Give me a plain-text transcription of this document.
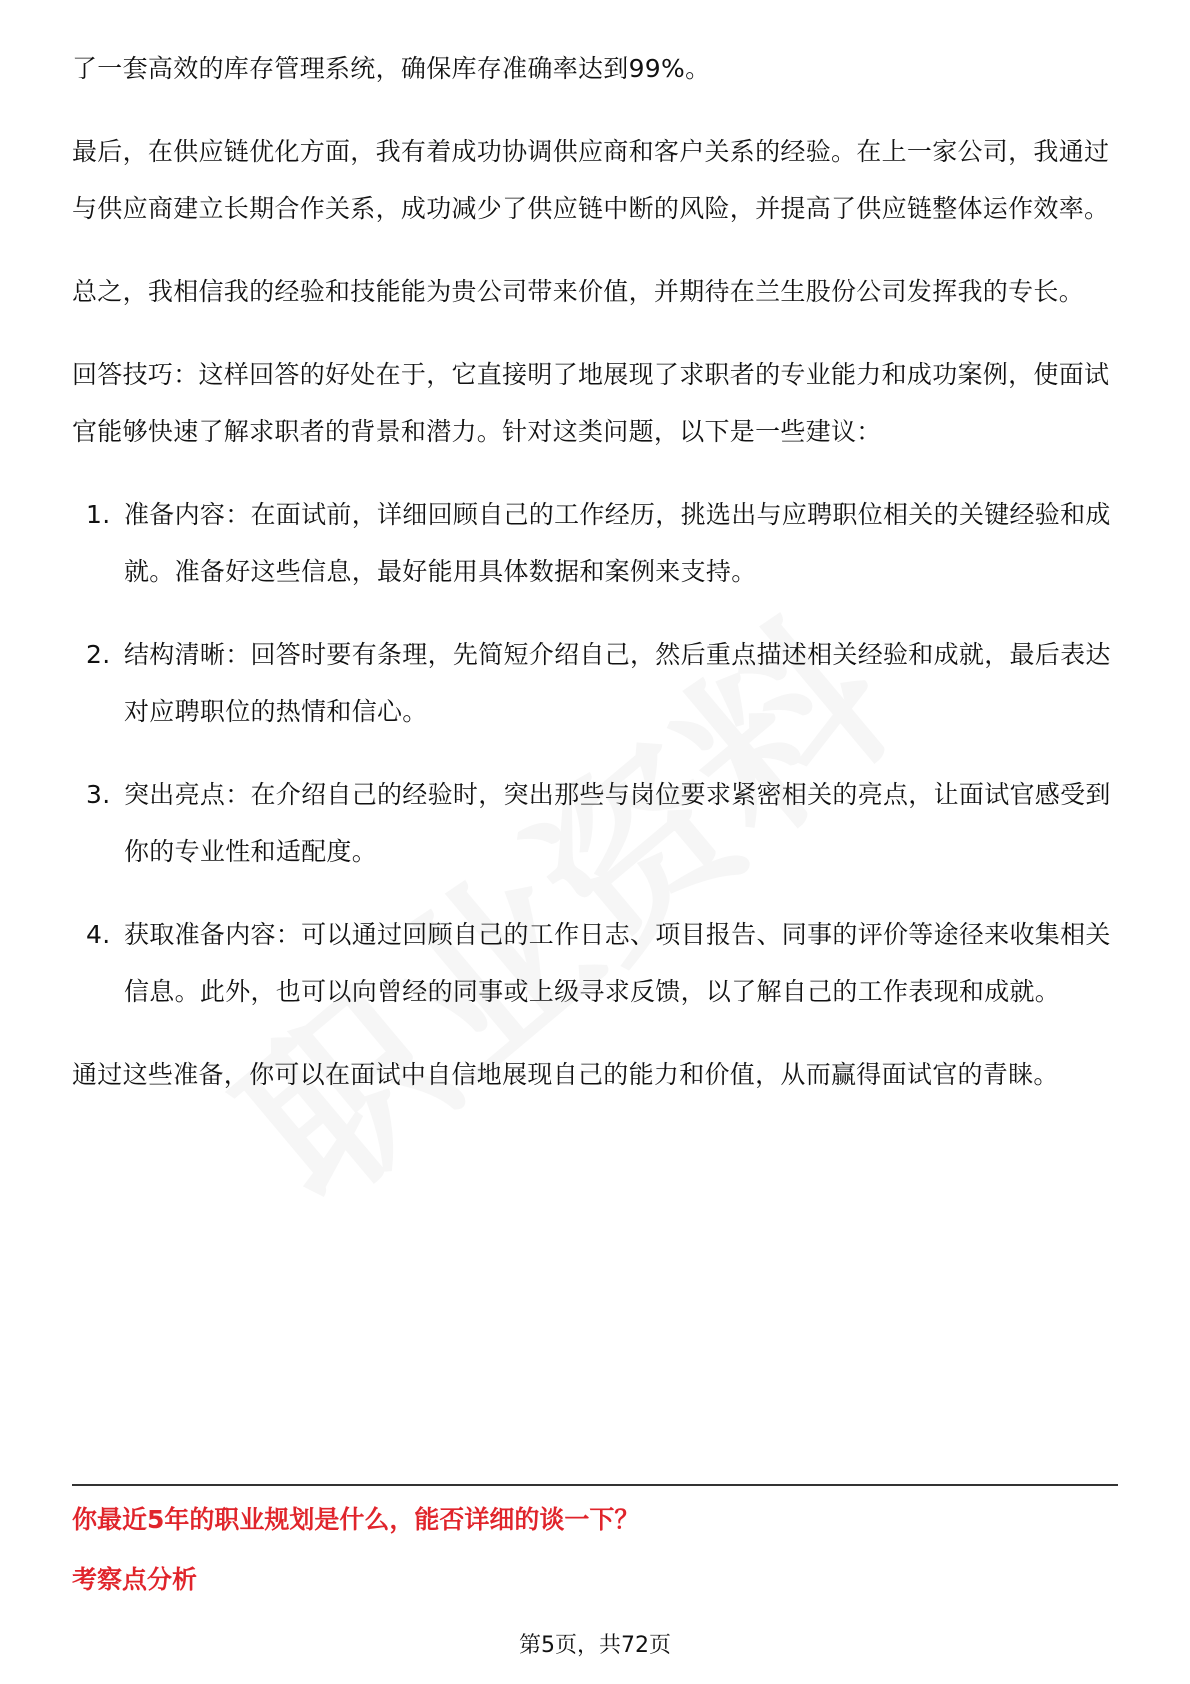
了一套高效的库存管理系统，确保库存准确率达到99%。

最后，在供应链优化方面，我有着成功协调供应商和客户关系的经验。在上一家公司，我通过与供应商建立长期合作关系，成功减少了供应链中断的风险，并提高了供应链整体运作效率。

总之，我相信我的经验和技能能为贵公司带来价值，并期待在兰生股份公司发挥我的专长。

回答技巧：这样回答的好处在于，它直接明了地展现了求职者的专业能力和成功案例，使面试官能够快速了解求职者的背景和潜力。针对这类问题，以下是一些建议：

1. 准备内容：在面试前，详细回顾自己的工作经历，挑选出与应聘职位相关的关键经验和成就。准备好这些信息，最好能用具体数据和案例来支持。
2. 结构清晰：回答时要有条理，先简短介绍自己，然后重点描述相关经验和成就，最后表达对应聘职位的热情和信心。
3. 突出亮点：在介绍自己的经验时，突出那些与岗位要求紧密相关的亮点，让面试官感受到你的专业性和适配度。
4. 获取准备内容：可以通过回顾自己的工作日志、项目报告、同事的评价等途径来收集相关信息。此外，也可以向曾经的同事或上级寻求反馈，以了解自己的工作表现和成就。

通过这些准备，你可以在面试中自信地展现自己的能力和价值，从而赢得面试官的青睐。

你最近5年的职业规划是什么，能否详细的谈一下？
考察点分析
第5页，共72页
